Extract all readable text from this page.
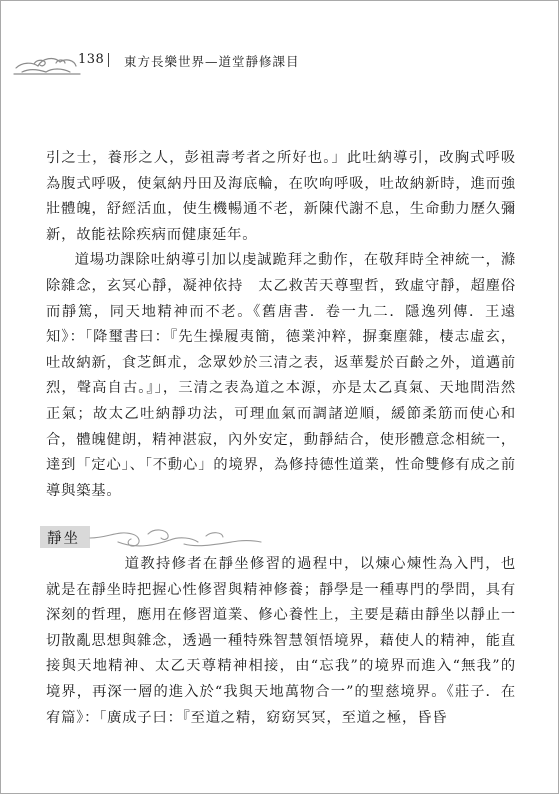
138 東方長樂世界—道堂靜修課目

引之士，養形之人，彭祖壽考者之所好也。」此吐納導引，改胸式呼吸為腹式呼吸，使氣納丹田及海底輪，在吹呴呼吸，吐故納新時，進而強壯體魄，舒經活血，使生機暢通不老，新陳代謝不息，生命動力歷久彌新，故能祛除疾病而健康延年。

道場功課除吐納導引加以虔誠跪拜之動作，在敬拜時全神統一，滌除雜念，玄冥心靜，凝神依持　太乙救苦天尊聖哲，致虛守靜，超塵俗而靜篤，同天地精神而不老。《舊唐書．卷一九二．隱逸列傳．王遠知》：「降璽書曰：『先生操履夷簡，德業沖粹，摒棄塵雜，棲志虛玄，吐故納新，食芝餌朮，念眾妙於三清之表，返華髮於百齡之外，道邁前烈，聲高自古。』」，三清之表為道之本源，亦是太乙真氣、天地間浩然正氣；故太乙吐納靜功法，可理血氣而調諸逆順，緩節柔筋而使心和合，體魄健朗，精神湛寂，內外安定，動靜結合，使形體意念相統一，達到「定心」、「不動心」的境界，為修持德性道業，性命雙修有成之前導與築基。

靜坐

道教持修者在靜坐修習的過程中，以煉心煉性為入門，也就是在靜坐時把握心性修習與精神修養；靜學是一種專門的學問，具有深刻的哲理，應用在修習道業、修心養性上，主要是藉由靜坐以靜止一切散亂思想與雜念，透過一種特殊智慧領悟境界，藉使人的精神，能直接與天地精神、太乙天尊精神相接，由“忘我”的境界而進入“無我”的境界，再深一層的進入於“我與天地萬物合一”的聖慈境界。《莊子．在宥篇》：「廣成子曰：『至道之精，窈窈冥冥，至道之極，昏昏
